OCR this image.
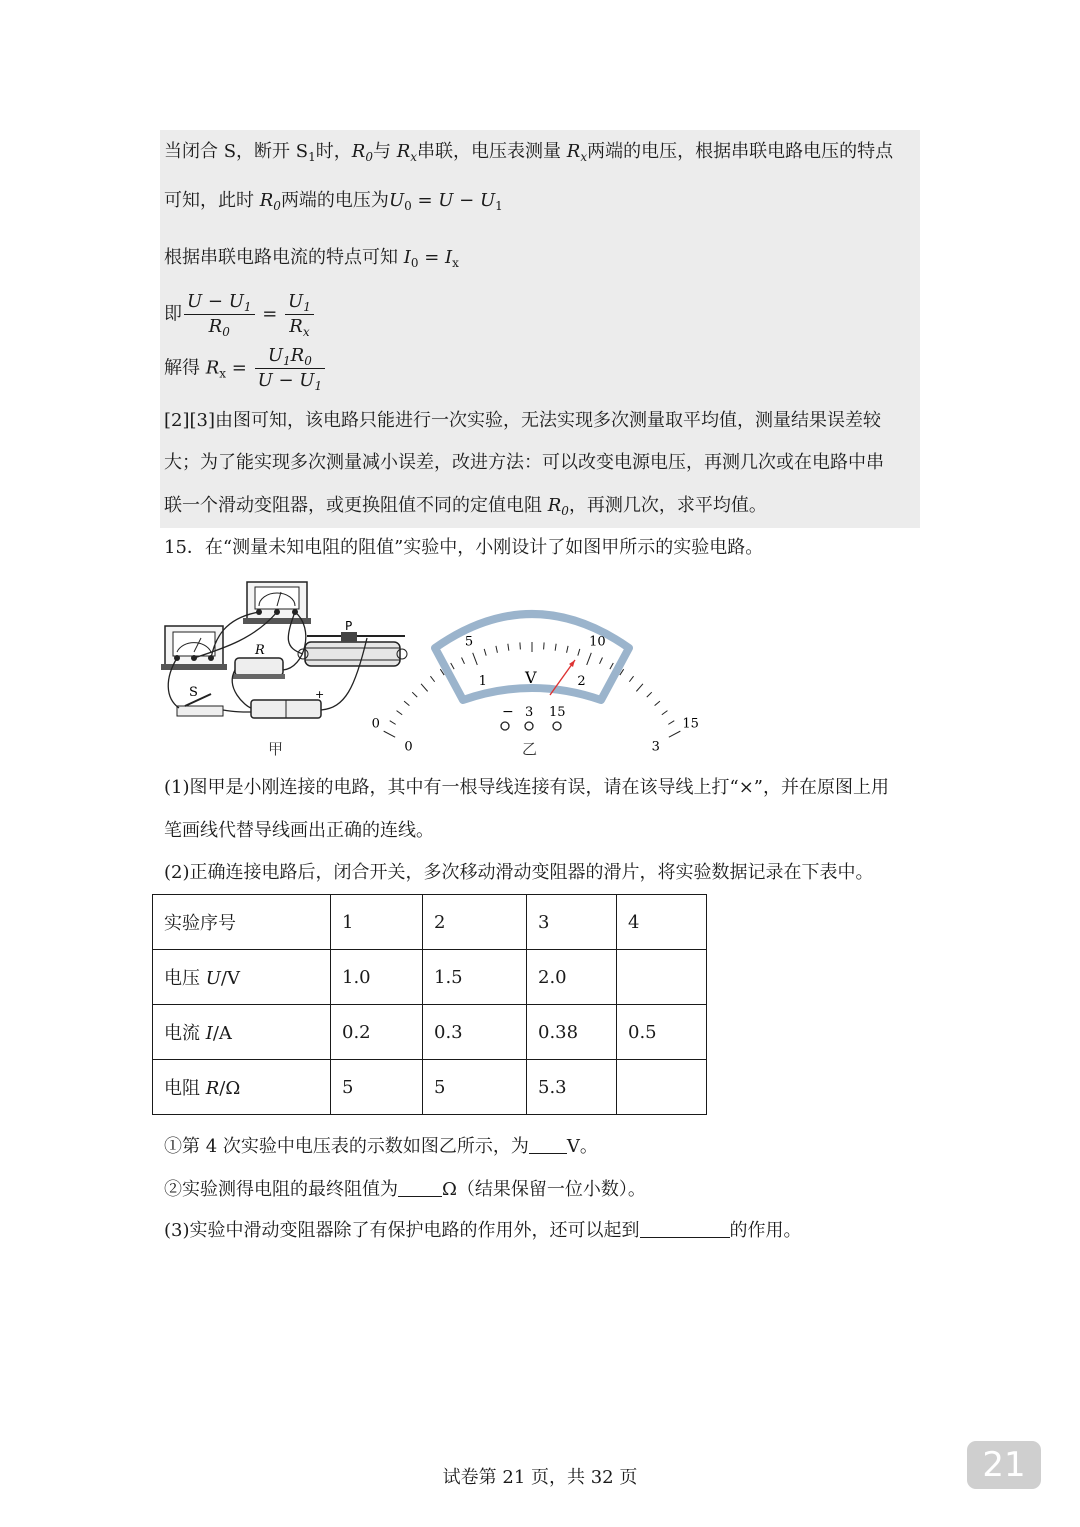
当闭合 S，断开 $S_1$时，$R_0$与 $R_x$串联，电压表测量 $R_x$两端的电压，根据串联电路电压的特点
可知，此时 $R_0$两端的电压为$U_0 = U - U_1$
根据串联电路电流的特点可知 $I_0 = I_x$
即 $\frac{U - U_1}{R_0} = \frac{U_1}{R_x}$
解得 $R_x = \frac{U_1R_0}{U - U_1}$
[2][3]由图可知，该电路只能进行一次实验，无法实现多次测量取平均值，测量结果误差较
大；为了能实现多次测量减小误差，改进方法：可以改变电源电压，再测几次或在电路中串
联一个滑动变阻器，或更换阻值不同的定值电阻 $R_0$，再测几次，求平均值。
15．在“测量未知电阻的阻值”实验中，小刚设计了如图甲所示的实验电路。
R
P
S	+
甲
0
5	10
15
0
1	2
3
V
− 3 15
乙
(1)图甲是小刚连接的电路，其中有一根导线连接有误，请在该导线上打“×”，并在原图上用
笔画线代替导线画出正确的连线。
(2)正确连接电路后，闭合开关，多次移动滑动变阻器的滑片，将实验数据记录在下表中。
实验序号	1	2	3	4
电压 U/V	1.0	1.5	2.0	
电流 I/A	0.2	0.3	0.38	0.5
电阻 R/Ω	5	5	5.3	
①第 4 次实验中电压表的示数如图乙所示，为 V。
②实验测得电阻的最终阻值为 Ω（结果保留一位小数）。
(3)实验中滑动变阻器除了有保护电路的作用外，还可以起到	的作用。
试卷第 21 页，共 32 页	21
